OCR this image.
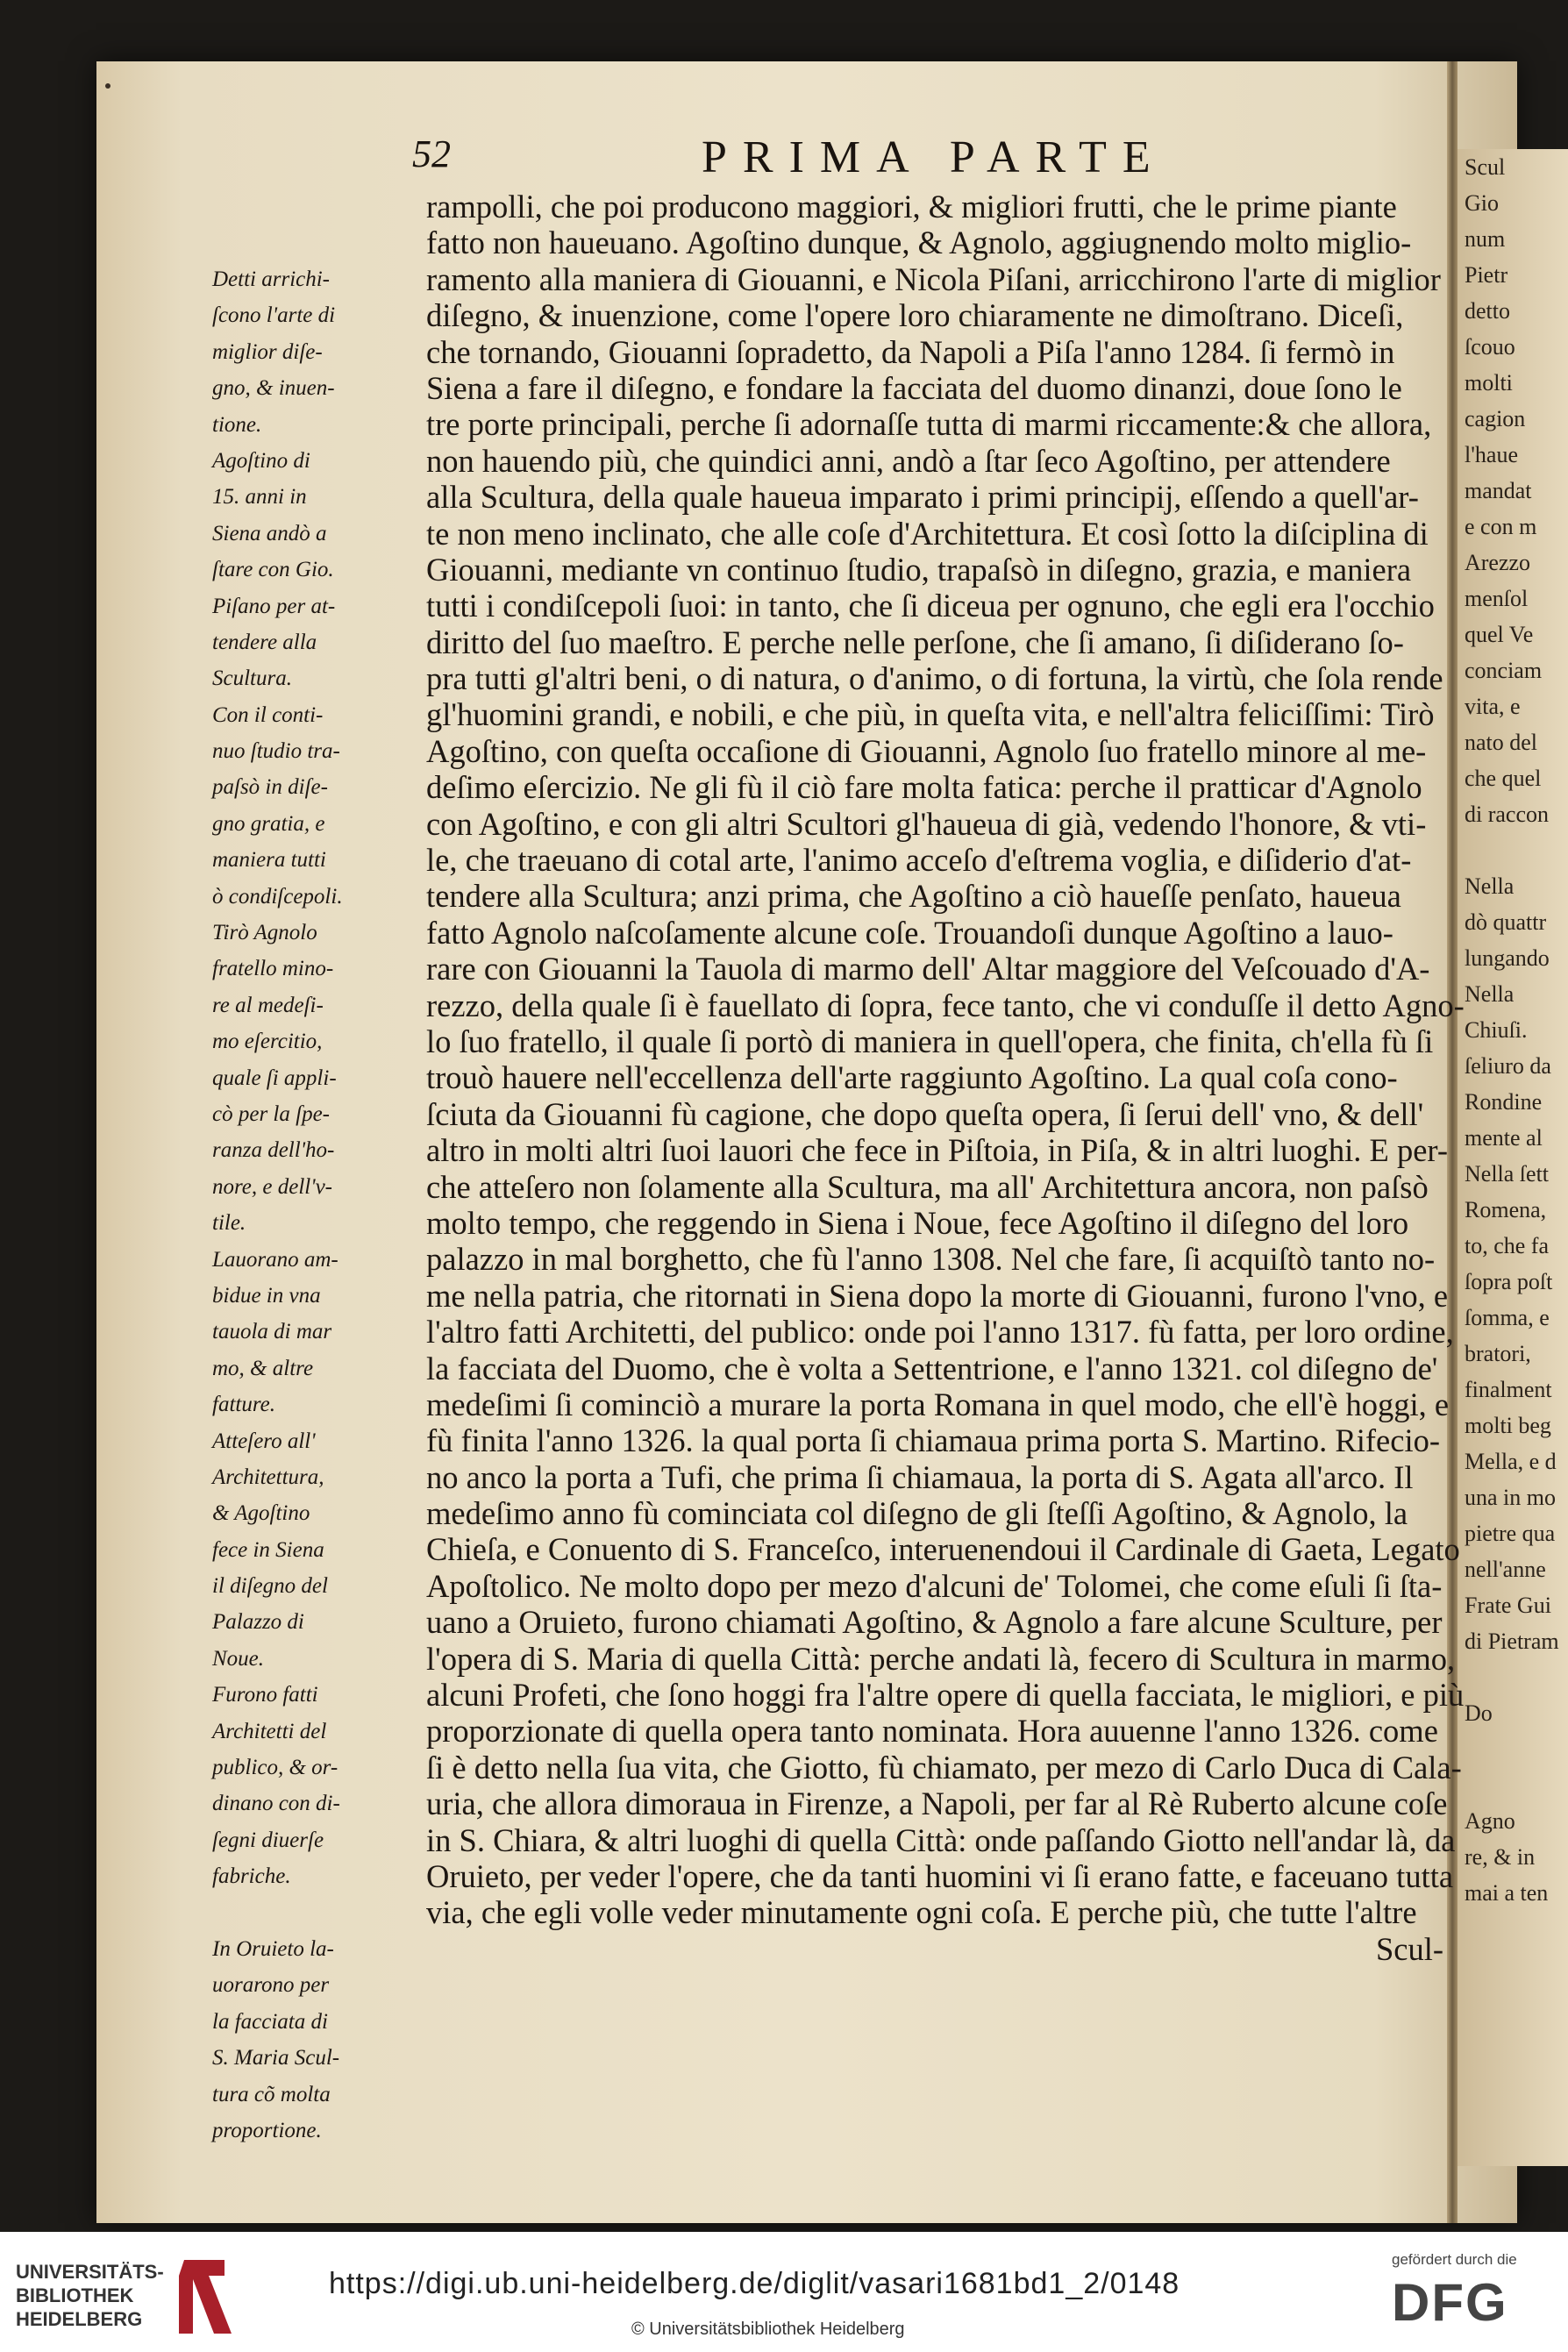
Scul
Gio
num
Pietr
detto
ſcouo
molti
cagion
l'haue
mandat
e con m
Arezzo
menſol
quel Ve
conciam
vita, e
nato del
che quel
di raccon
Nella
dò quattr
lungando
Nella
Chiuſi.
ſeliuro da
Rondine
mente al
Nella ſett
Romena,
to, che fa
ſopra poſt
ſomma, e
bratori,
finalment
molti beg
Mella, e d
una in mo
pietre qua
nell'anne
Frate Gui
di Pietram
Do
Agno
re, & in
mai a ten
52	PRIMA PARTE
Detti arrichi-
ſcono l'arte di
miglior diſe-
gno, & inuen-
tione.
Agoſtino di
15. anni in
Siena andò a
ſtare con Gio.
Piſano per at-
tendere alla
Scultura.
Con il conti-
nuo ſtudio tra-
paſsò in diſe-
gno gratia, e
maniera tutti
ò condiſcepoli.
Tirò Agnolo
fratello mino-
re al medeſi-
mo eſercitio,
quale ſi appli-
cò per la ſpe-
ranza dell'ho-
nore, e dell'v-
tile.
Lauorano am-
bidue in vna
tauola di mar
mo, & altre
fatture.
Atteſero all'
Architettura,
& Agoſtino
fece in Siena
il diſegno del
Palazzo di
Noue.
Furono fatti
Architetti del
publico, & or-
dinano con di-
ſegni diuerſe
fabriche.
In Oruieto la-
uorarono per
la facciata di
S. Maria Scul-
tura cõ molta
proportione.
rampolli, che poi producono maggiori, & migliori frutti, che le prime piante
fatto non haueuano. Agoſtino dunque, & Agnolo, aggiugnendo molto miglio-
ramento alla maniera di Giouanni, e Nicola Piſani, arricchirono l'arte di miglior
diſegno, & inuenzione, come l'opere loro chiaramente ne dimoſtrano. Diceſi,
che tornando, Giouanni ſopradetto, da Napoli a Piſa l'anno 1284. ſi fermò in
Siena a fare il diſegno, e fondare la facciata del duomo dinanzi, doue ſono le
tre porte principali, perche ſi adornaſſe tutta di marmi riccamente:& che allora,
non hauendo più, che quindici anni, andò a ſtar ſeco Agoſtino, per attendere
alla Scultura, della quale haueua imparato i primi principij, eſſendo a quell'ar-
te non meno inclinato, che alle coſe d'Architettura. Et così ſotto la diſciplina di
Giouanni, mediante vn continuo ſtudio, trapaſsò in diſegno, grazia, e maniera
tutti i condiſcepoli ſuoi: in tanto, che ſi diceua per ognuno, che egli era l'occhio
diritto del ſuo maeſtro. E perche nelle perſone, che ſi amano, ſi diſiderano ſo-
pra tutti gl'altri beni, o di natura, o d'animo, o di fortuna, la virtù, che ſola rende
gl'huomini grandi, e nobili, e che più, in queſta vita, e nell'altra feliciſſimi: Tirò
Agoſtino, con queſta occaſione di Giouanni, Agnolo ſuo fratello minore al me-
deſimo eſercizio. Ne gli fù il ciò fare molta fatica: perche il pratticar d'Agnolo
con Agoſtino, e con gli altri Scultori gl'haueua di già, vedendo l'honore, & vti-
le, che traeuano di cotal arte, l'animo acceſo d'eſtrema voglia, e diſiderio d'at-
tendere alla Scultura; anzi prima, che Agoſtino a ciò haueſſe penſato, haueua
fatto Agnolo naſcoſamente alcune coſe. Trouandoſi dunque Agoſtino a lauo-
rare con Giouanni la Tauola di marmo dell' Altar maggiore del Veſcouado d'A-
rezzo, della quale ſi è fauellato di ſopra, fece tanto, che vi conduſſe il detto Agno-
lo ſuo fratello, il quale ſi portò di maniera in quell'opera, che finita, ch'ella fù ſi
trouò hauere nell'eccellenza dell'arte raggiunto Agoſtino. La qual coſa cono-
ſciuta da Giouanni fù cagione, che dopo queſta opera, ſi ſerui dell' vno, & dell'
altro in molti altri ſuoi lauori che fece in Piſtoia, in Piſa, & in altri luoghi. E per-
che atteſero non ſolamente alla Scultura, ma all' Architettura ancora, non paſsò
molto tempo, che reggendo in Siena i Noue, fece Agoſtino il diſegno del loro
palazzo in mal borghetto, che fù l'anno 1308. Nel che fare, ſi acquiſtò tanto no-
me nella patria, che ritornati in Siena dopo la morte di Giouanni, furono l'vno, e
l'altro fatti Architetti, del publico: onde poi l'anno 1317. fù fatta, per loro ordine,
la facciata del Duomo, che è volta a Settentrione, e l'anno 1321. col diſegno de'
medeſimi ſi cominciò a murare la porta Romana in quel modo, che ell'è hoggi, e
fù finita l'anno 1326. la qual porta ſi chiamaua prima porta S. Martino. Rifecio-
no anco la porta a Tufi, che prima ſi chiamaua, la porta di S. Agata all'arco. Il
medeſimo anno fù cominciata col diſegno de gli ſteſſi Agoſtino, & Agnolo, la
Chieſa, e Conuento di S. Franceſco, interuenendoui il Cardinale di Gaeta, Legato
Apoſtolico. Ne molto dopo per mezo d'alcuni de' Tolomei, che come eſuli ſi ſta-
uano a Oruieto, furono chiamati Agoſtino, & Agnolo a fare alcune Sculture, per
l'opera di S. Maria di quella Città: perche andati là, fecero di Scultura in marmo,
alcuni Profeti, che ſono hoggi fra l'altre opere di quella facciata, le migliori, e più
proporzionate di quella opera tanto nominata. Hora auuenne l'anno 1326. come
ſi è detto nella ſua vita, che Giotto, fù chiamato, per mezo di Carlo Duca di Cala-
uria, che allora dimoraua in Firenze, a Napoli, per far al Rè Ruberto alcune coſe
in S. Chiara, & altri luoghi di quella Città: onde paſſando Giotto nell'andar là, da
Oruieto, per veder l'opere, che da tanti huomini vi ſi erano fatte, e faceuano tutta
via, che egli volle veder minutamente ogni coſa. E perche più, che tutte l'altre
Scul-
UNIVERSITÄTS-
BIBLIOTHEK
HEIDELBERG
https://digi.ub.uni-heidelberg.de/diglit/vasari1681bd1_2/0148
© Universitätsbibliothek Heidelberg
gefördert durch die
DFG
